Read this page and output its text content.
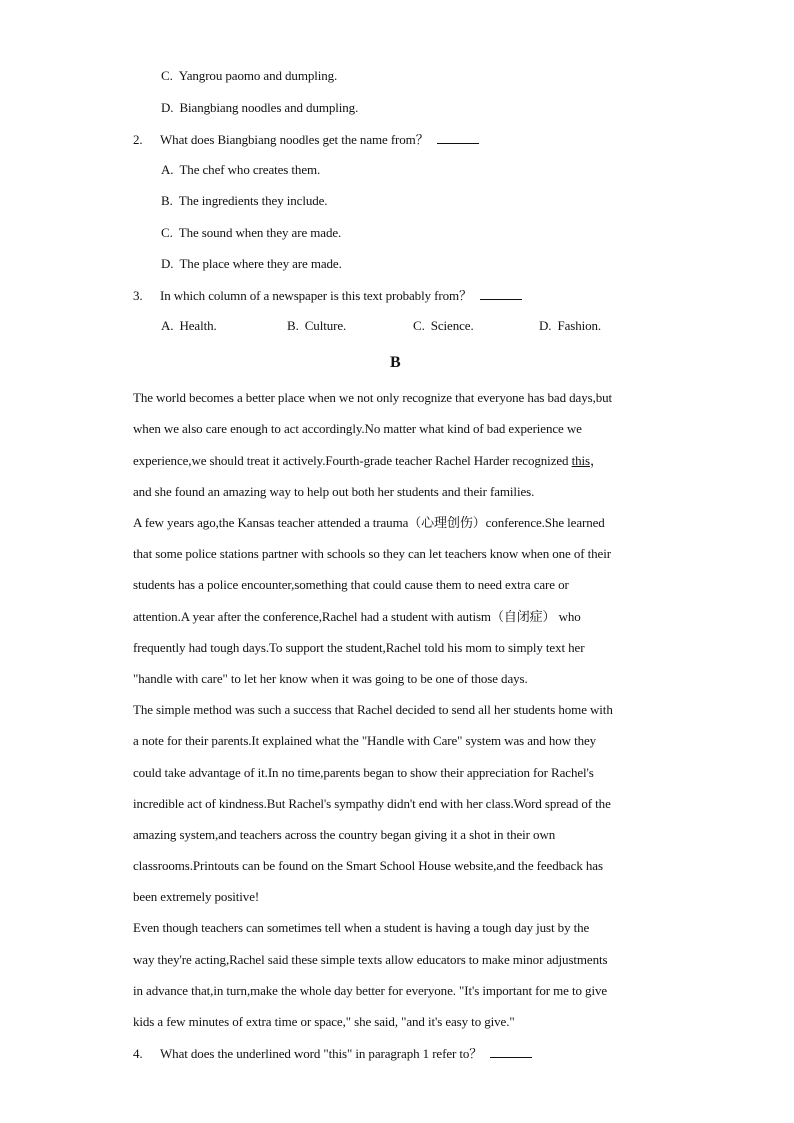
C. Yangrou paomo and dumpling.
D. Biangbiang noodles and dumpling.
2. What does Biangbiang noodles get the name from？
A. The chef who creates them.
B. The ingredients they include.
C. The sound when they are made.
D. The place where they are made.
3. In which column of a newspaper is this text probably from？
A. Health.	B. Culture.	C. Science.	D. Fashion.
B
The world becomes a better place when we not only recognize that everyone has bad days,but
when we also care enough to act accordingly.No matter what kind of bad experience we
experience,we should treat it actively.Fourth-grade teacher Rachel Harder recognized this，
and she found an amazing way to help out both her students and their families.
A few years ago,the Kansas teacher attended a trauma（心理创伤）conference.She learned
that some police stations partner with schools so they can let teachers know when one of their
students has a police encounter,something that could cause them to need extra care or
attention.A year after the conference,Rachel had a student with autism（自闭症） who
frequently had tough days.To support the student,Rachel told his mom to simply text her
"handle with care" to let her know when it was going to be one of those days.
The simple method was such a success that Rachel decided to send all her students home with
a note for their parents.It explained what the "Handle with Care" system was and how they
could take advantage of it.In no time,parents began to show their appreciation for Rachel's
incredible act of kindness.But Rachel's sympathy didn't end with her class.Word spread of the
amazing system,and teachers across the country began giving it a shot in their own
classrooms.Printouts can be found on the Smart School House website,and the feedback has
been extremely positive!
Even though teachers can sometimes tell when a student is having a tough day just by the
way they're acting,Rachel said these simple texts allow educators to make minor adjustments
in advance that,in turn,make the whole day better for everyone. "It's important for me to give
kids a few minutes of extra time or space," she said, "and it's easy to give."
4. What does the underlined word "this" in paragraph 1 refer to？
